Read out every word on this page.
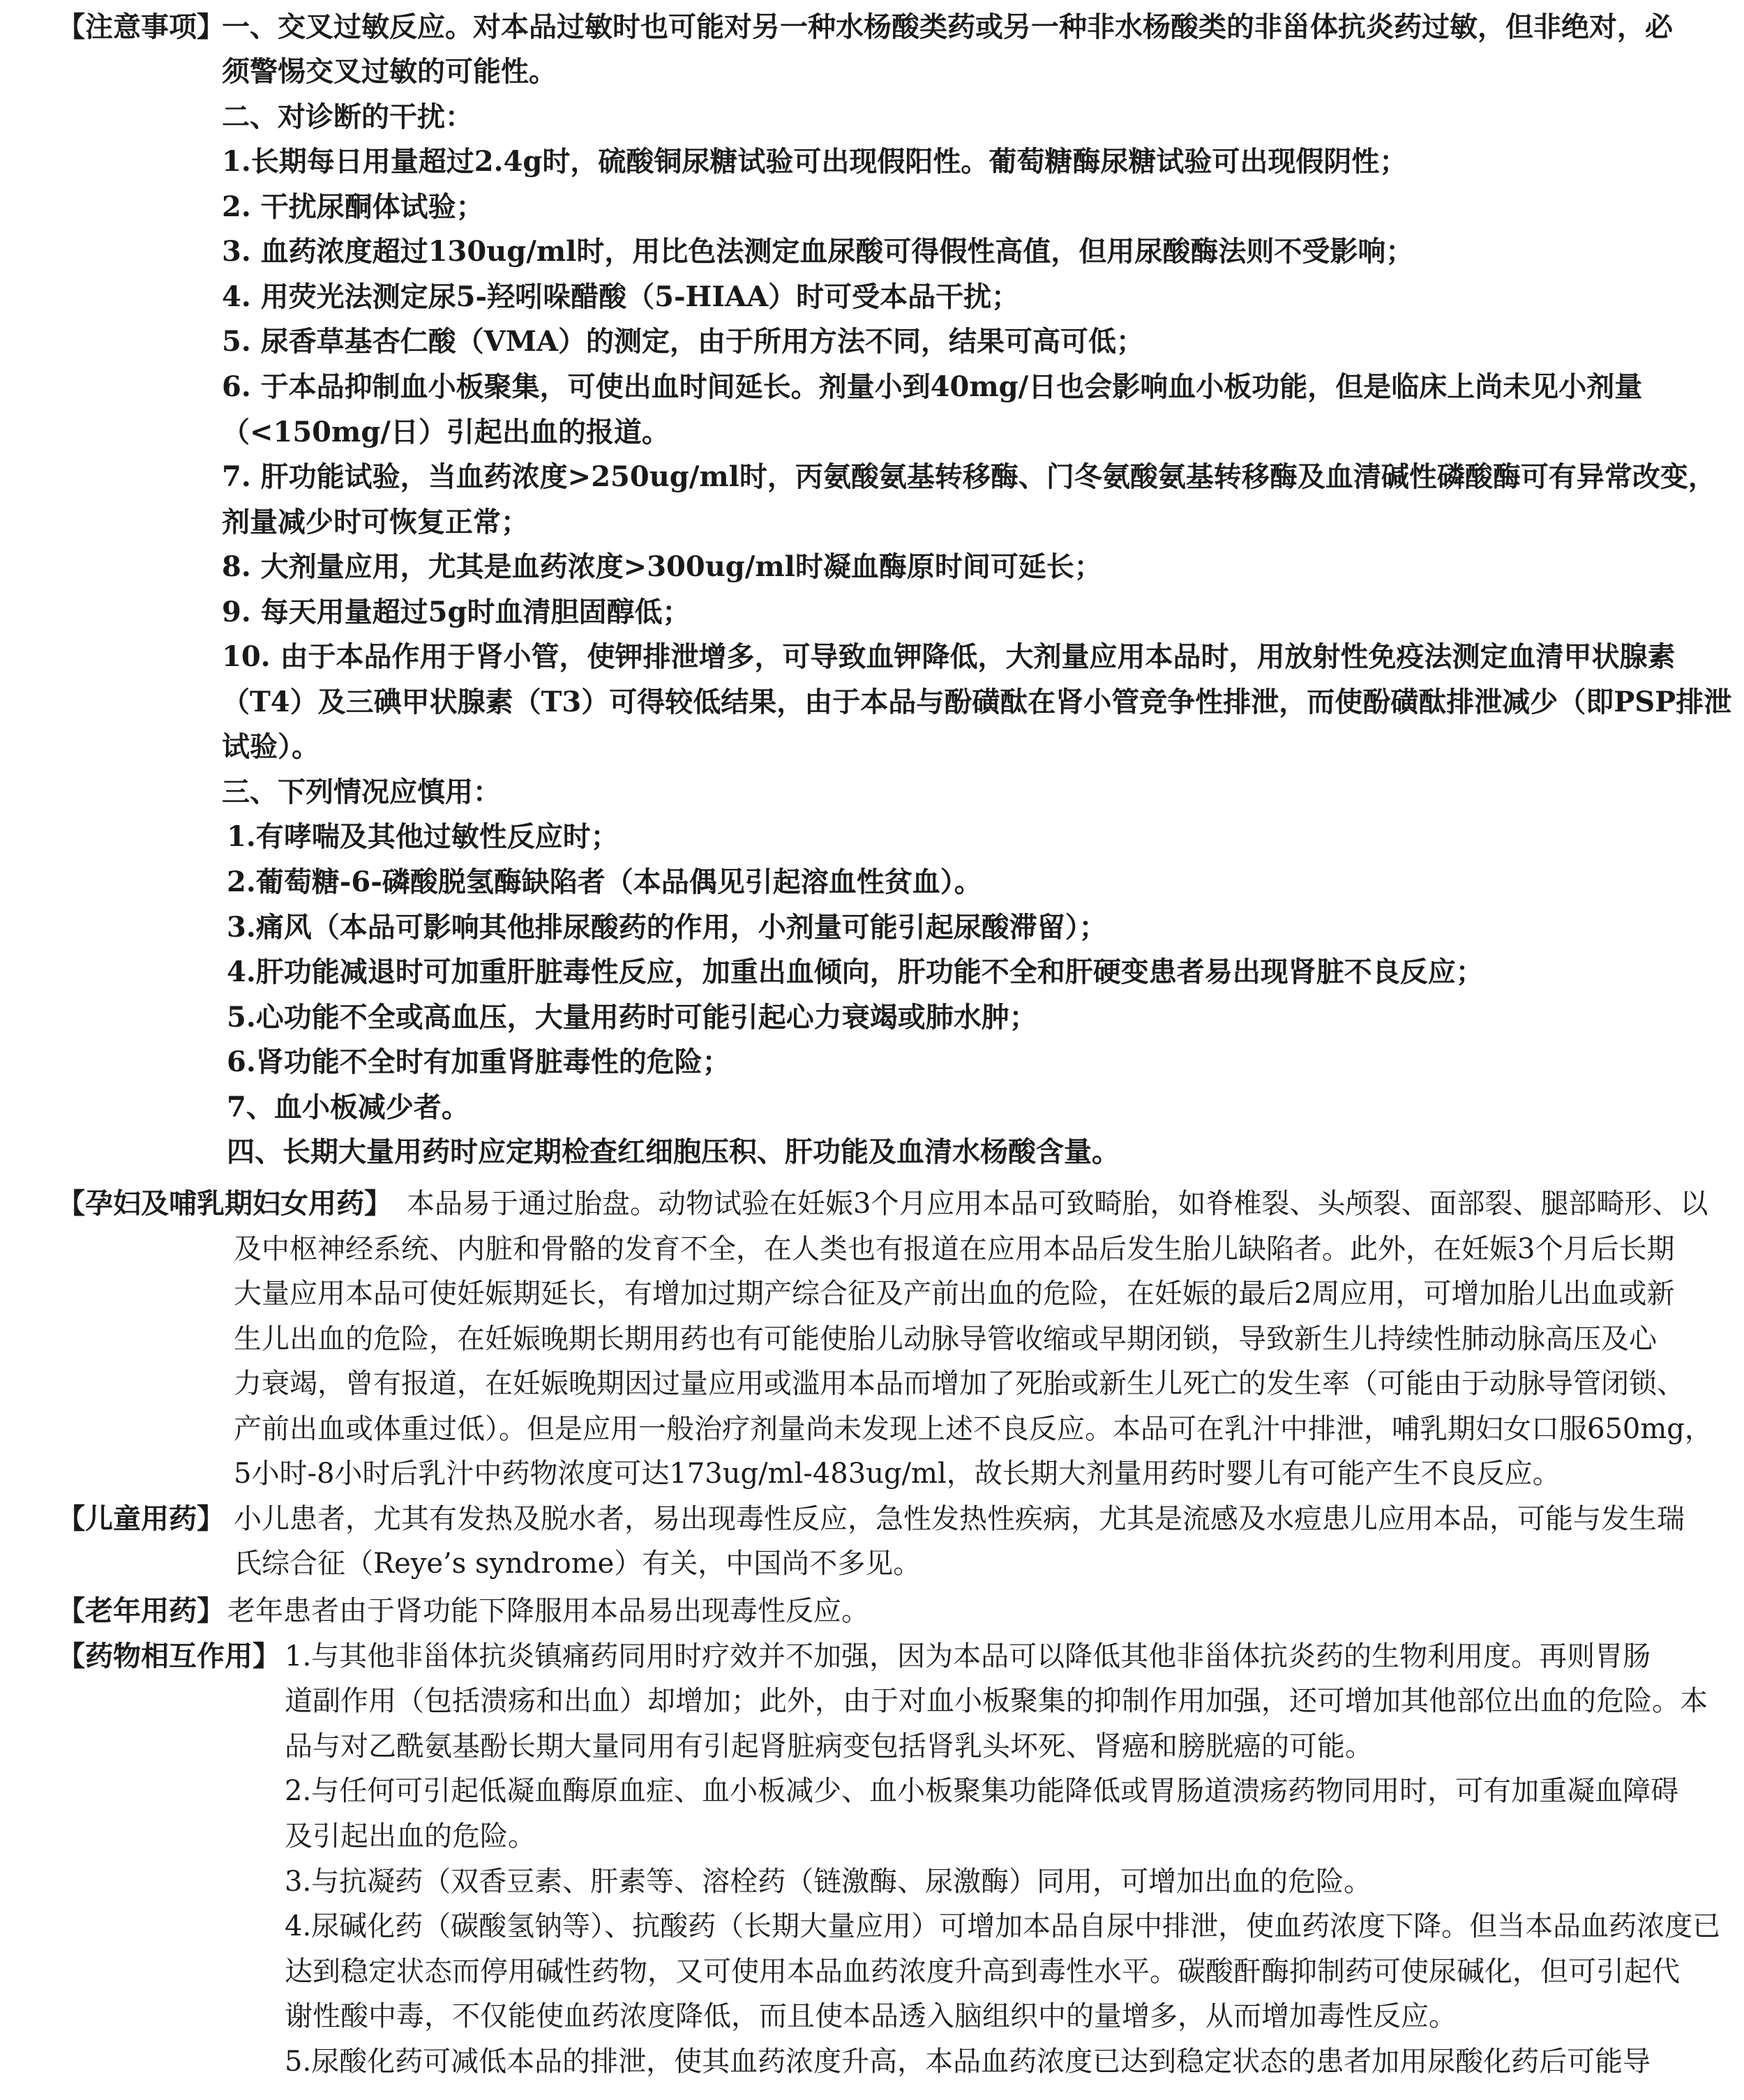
【注意事项】
一、交叉过敏反应。对本品过敏时也可能对另一种水杨酸类药或另一种非水杨酸类的非甾体抗炎药过敏，但非绝对，必
须警惕交叉过敏的可能性。
二、对诊断的干扰：
1.长期每日用量超过2.4g时，硫酸铜尿糖试验可出现假阳性。葡萄糖酶尿糖试验可出现假阴性；
2. 干扰尿酮体试验；
3. 血药浓度超过130ug/ml时，用比色法测定血尿酸可得假性高值，但用尿酸酶法则不受影响；
4. 用荧光法测定尿5-羟吲哚醋酸（5-HIAA）时可受本品干扰；
5. 尿香草基杏仁酸（VMA）的测定，由于所用方法不同，结果可高可低；
6. 于本品抑制血小板聚集，可使出血时间延长。剂量小到40mg/日也会影响血小板功能，但是临床上尚未见小剂量
（<150mg/日）引起出血的报道。
7. 肝功能试验，当血药浓度>250ug/ml时，丙氨酸氨基转移酶、门冬氨酸氨基转移酶及血清碱性磷酸酶可有异常改变，
剂量减少时可恢复正常；
8. 大剂量应用，尤其是血药浓度>300ug/ml时凝血酶原时间可延长；
9. 每天用量超过5g时血清胆固醇低；
10. 由于本品作用于肾小管，使钾排泄增多，可导致血钾降低，大剂量应用本品时，用放射性免疫法测定血清甲状腺素
（T4）及三碘甲状腺素（T3）可得较低结果，由于本品与酚磺酞在肾小管竞争性排泄，而使酚磺酞排泄减少（即PSP排泄
试验）。
三、下列情况应慎用：
1.有哮喘及其他过敏性反应时；
2.葡萄糖-6-磷酸脱氢酶缺陷者（本品偶见引起溶血性贫血）。
3.痛风（本品可影响其他排尿酸药的作用，小剂量可能引起尿酸滞留）；
4.肝功能减退时可加重肝脏毒性反应，加重出血倾向，肝功能不全和肝硬变患者易出现肾脏不良反应；
5.心功能不全或高血压，大量用药时可能引起心力衰竭或肺水肿；
6.肾功能不全时有加重肾脏毒性的危险；
7、血小板减少者。
四、长期大量用药时应定期检查红细胞压积、肝功能及血清水杨酸含量。
【孕妇及哺乳期妇女用药】 本品易于通过胎盘。动物试验在妊娠3个月应用本品可致畸胎，如脊椎裂、头颅裂、面部裂、腿部畸形、以
及中枢神经系统、内脏和骨骼的发育不全，在人类也有报道在应用本品后发生胎儿缺陷者。此外，在妊娠3个月后长期
大量应用本品可使妊娠期延长，有增加过期产综合征及产前出血的危险，在妊娠的最后2周应用，可增加胎儿出血或新
生儿出血的危险，在妊娠晚期长期用药也有可能使胎儿动脉导管收缩或早期闭锁，导致新生儿持续性肺动脉高压及心
力衰竭，曾有报道，在妊娠晚期因过量应用或滥用本品而增加了死胎或新生儿死亡的发生率（可能由于动脉导管闭锁、
产前出血或体重过低）。但是应用一般治疗剂量尚未发现上述不良反应。本品可在乳汁中排泄，哺乳期妇女口服650mg，
5小时-8小时后乳汁中药物浓度可达173ug/ml-483ug/ml，故长期大剂量用药时婴儿有可能产生不良反应。
【儿童用药】 小儿患者，尤其有发热及脱水者，易出现毒性反应，急性发热性疾病，尤其是流感及水痘患儿应用本品，可能与发生瑞
氏综合征（Reye’s syndrome）有关，中国尚不多见。
【老年用药】 老年患者由于肾功能下降服用本品易出现毒性反应。
【药物相互作用】 1.与其他非甾体抗炎镇痛药同用时疗效并不加强，因为本品可以降低其他非甾体抗炎药的生物利用度。再则胃肠
道副作用（包括溃疡和出血）却增加；此外，由于对血小板聚集的抑制作用加强，还可增加其他部位出血的危险。本
品与对乙酰氨基酚长期大量同用有引起肾脏病变包括肾乳头坏死、肾癌和膀胱癌的可能。
2.与任何可引起低凝血酶原血症、血小板减少、血小板聚集功能降低或胃肠道溃疡药物同用时，可有加重凝血障碍
及引起出血的危险。
3.与抗凝药（双香豆素、肝素等、溶栓药（链激酶、尿激酶）同用，可增加出血的危险。
4.尿碱化药（碳酸氢钠等）、抗酸药（长期大量应用）可增加本品自尿中排泄，使血药浓度下降。但当本品血药浓度已
达到稳定状态而停用碱性药物，又可使用本品血药浓度升高到毒性水平。碳酸酐酶抑制药可使尿碱化，但可引起代
谢性酸中毒，不仅能使血药浓度降低，而且使本品透入脑组织中的量增多，从而增加毒性反应。
5.尿酸化药可减低本品的排泄，使其血药浓度升高，本品血药浓度已达到稳定状态的患者加用尿酸化药后可能导
